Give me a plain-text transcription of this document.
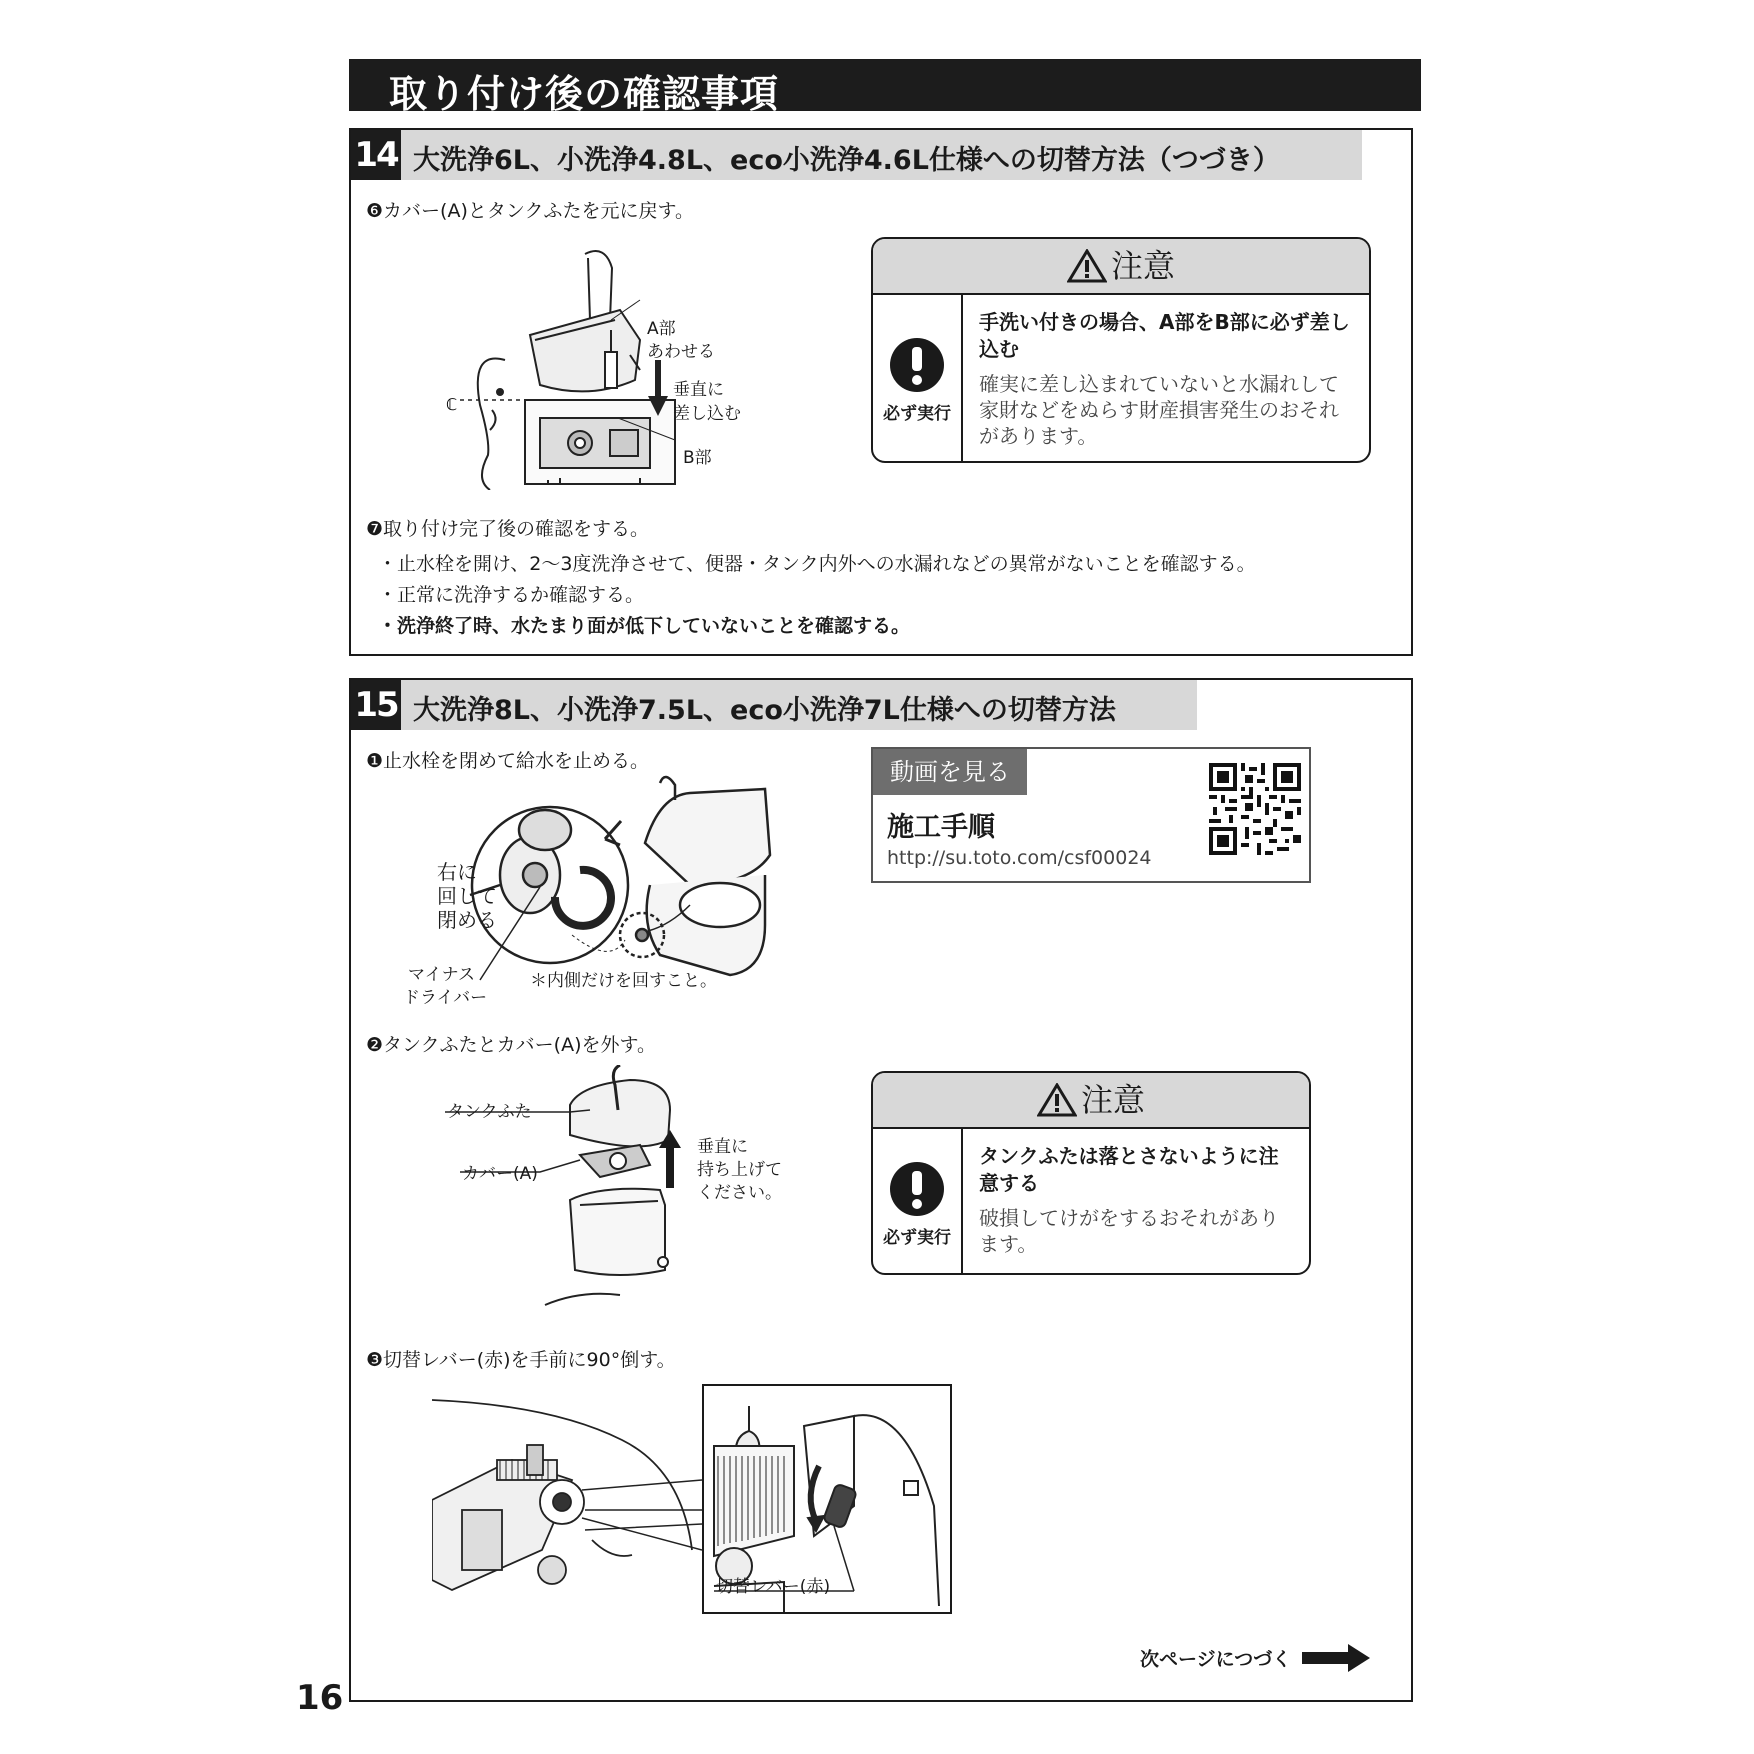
取り付け後の確認事項
14 大洗浄6L、小洗浄4.8L、eco小洗浄4.6L仕様への切替方法（つづき）
❻カバー(A)とタンクふたを元に戻す。
ℂ
A部
あわせる
垂直に
差し込む
B部
注意
必ず実行
手洗い付きの場合、A部をB部に必ず差し込む
確実に差し込まれていないと水漏れして家財などをぬらす財産損害発生のおそれがあります。
❼取り付け完了後の確認をする。
・止水栓を開け、2～3度洗浄させて、便器・タンク内外への水漏れなどの異常がないことを確認する。
・正常に洗浄するか確認する。
・洗浄終了時、水たまり面が低下していないことを確認する。
15 大洗浄8L、小洗浄7.5L、eco小洗浄7L仕様への切替方法
❶止水栓を閉めて給水を止める。
右に
回して
閉める
マイナス
ドライバー
＊内側だけを回すこと。
動画を見る
施工手順
http://su.toto.com/csf00024
❷タンクふたとカバー(A)を外す。
タンクふた
カバー(A)
垂直に
持ち上げて
ください。
注意
必ず実行
タンクふたは落とさないように注意する
破損してけがをするおそれがあります。
❸切替レバー(赤)を手前に90°倒す。
切替レバー(赤)
次ページにつづく
16
